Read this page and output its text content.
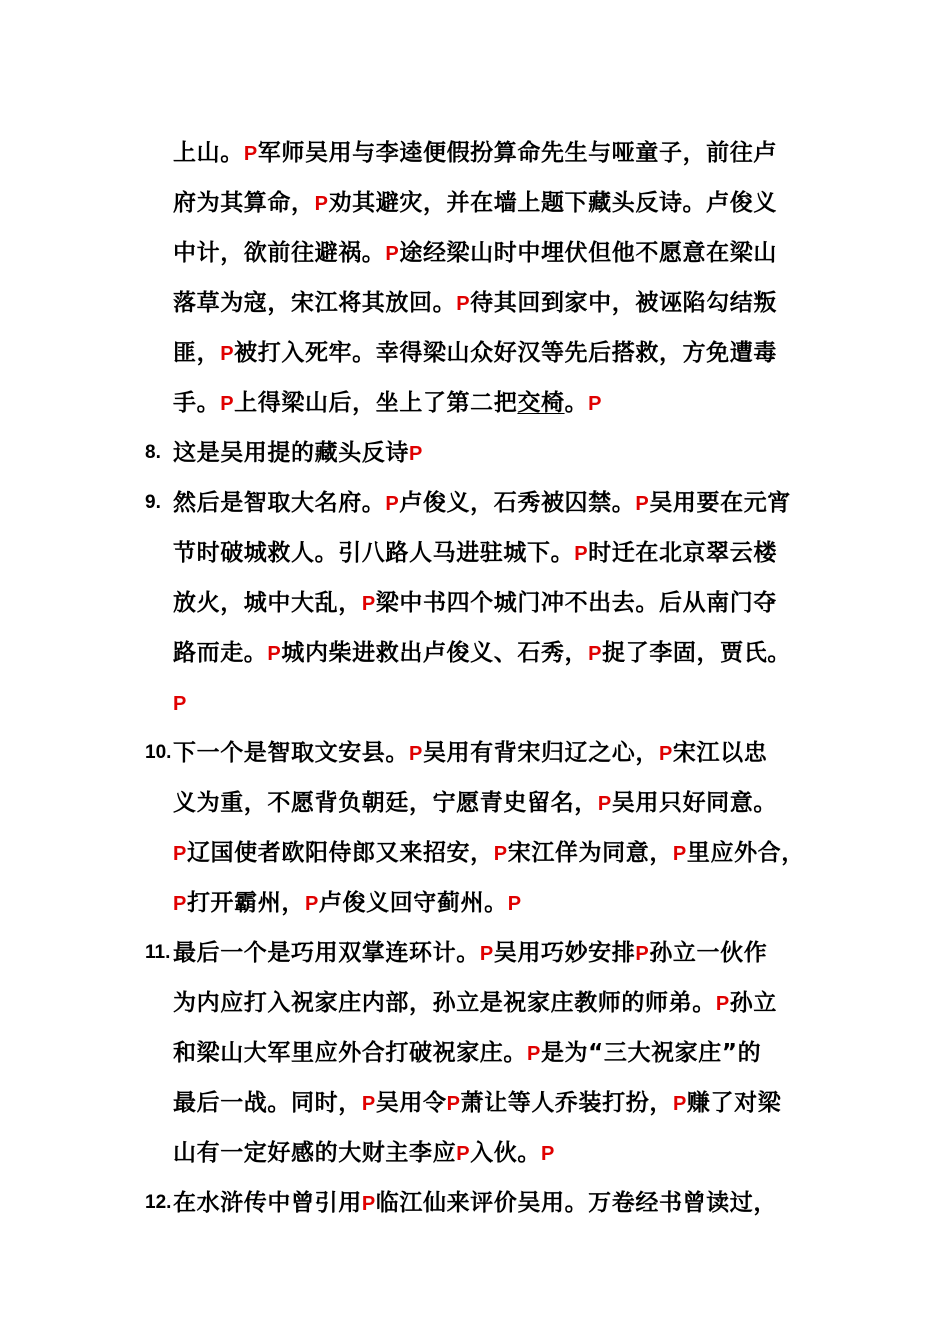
上山。P军师吴用与李逵便假扮算命先生与哑童子，前往卢
府为其算命，P劝其避灾，并在墙上题下藏头反诗。卢俊义
中计，欲前往避祸。P途经梁山时中埋伏但他不愿意在梁山
落草为寇，宋江将其放回。P待其回到家中，被诬陷勾结叛
匪，P被打入死牢。幸得梁山众好汉等先后搭救，方免遭毒
手。P上得梁山后，坐上了第二把交椅。P
8. 这是吴用提的藏头反诗P
9. 然后是智取大名府。P卢俊义，石秀被囚禁。P吴用要在元宵
节时破城救人。引八路人马进驻城下。P时迁在北京翠云楼
放火，城中大乱，P梁中书四个城门冲不出去。后从南门夺
路而走。P城内柴进救出卢俊义、石秀，P捉了李固，贾氏。
P
10. 下一个是智取文安县。P吴用有背宋归辽之心，P宋江以忠
义为重，不愿背负朝廷，宁愿青史留名，P吴用只好同意。
P辽国使者欧阳侍郎又来招安，P宋江佯为同意，P里应外合，
P打开霸州，P卢俊义回守蓟州。P
11. 最后一个是巧用双掌连环计。P吴用巧妙安排P孙立一伙作
为内应打入祝家庄内部，孙立是祝家庄教师的师弟。P孙立
和梁山大军里应外合打破祝家庄。P是为“三大祝家庄”的
最后一战。同时，P吴用令P萧让等人乔装打扮，P赚了对梁
山有一定好感的大财主李应P入伙。P
12. 在水浒传中曾引用P临江仙来评价吴用。万卷经书曾读过，
